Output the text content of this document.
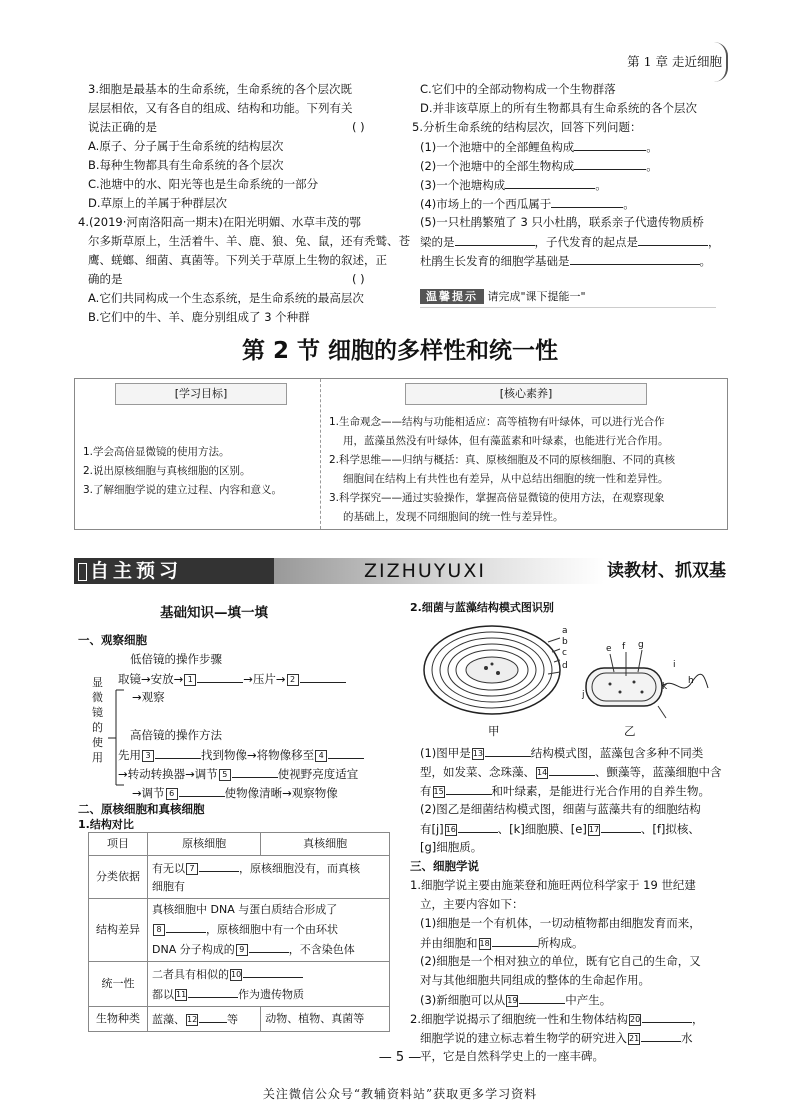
第 1 章 走近细胞
3.细胞是最基本的生命系统，生命系统的各个层次既
层层相依，又有各自的组成、结构和功能。下列有关
说法正确的是	( )
A.原子、分子属于生命系统的结构层次
B.每种生物都具有生命系统的各个层次
C.池塘中的水、阳光等也是生命系统的一部分
D.草原上的羊属于种群层次
4.(2019·河南洛阳高一期末)在阳光明媚、水草丰茂的鄂
尔多斯草原上，生活着牛、羊、鹿、狼、兔、鼠，还有秃鹫、苍
鹰、蜣螂、细菌、真菌等。下列关于草原上生物的叙述，正
确的是	( )
A.它们共同构成一个生态系统，是生命系统的最高层次
B.它们中的牛、羊、鹿分别组成了 3 个种群
C.它们中的全部动物构成一个生物群落
D.并非该草原上的所有生物都具有生命系统的各个层次
5.分析生命系统的结构层次，回答下列问题：
(1)一个池塘中的全部鲤鱼构成	。
(2)一个池塘中的全部生物构成	。
(3)一个池塘构成	。
(4)市场上的一个西瓜属于	。
(5)一只杜鹃繁殖了 3 只小杜鹃，联系亲子代遗传物质桥
梁的是	，子代发育的起点是	，
杜鹃生长发育的细胞学基础是	。
温馨提示 请完成"课下提能一"
第 2 节 细胞的多样性和统一性
[学习目标]	[核心素养]
1.学会高倍显微镜的使用方法。
2.说出原核细胞与真核细胞的区别。
3.了解细胞学说的建立过程、内容和意义。
1.生命观念——结构与功能相适应：高等植物有叶绿体，可以进行光合作
用，蓝藻虽然没有叶绿体，但有藻蓝素和叶绿素，也能进行光合作用。
2.科学思维——归纳与概括：真、原核细胞及不同的原核细胞、不同的真核
细胞间在结构上有共性也有差异，从中总结出细胞的统一性和差异性。
3.科学探究——通过实验操作，掌握高倍显微镜的使用方法，在观察现象
的基础上，发现不同细胞间的统一性与差异性。
自主预习	ZIZHUYUXI	读教材、抓双基
基础知识—填一填
一、观察细胞
显微镜的使用
低倍镜的操作步骤
取镜→安放→ 1	→压片→ 2
→观察
高倍镜的操作方法
先用 3	找到物像→将物像移至 4
→转动转换器→调节 5	使视野亮度适宜
→调节 6	使物像清晰→观察物像
二、原核细胞和真核细胞
1.结构对比
项目	原核细胞	真核细胞
分类依据	有无以 7 ，原核细胞没有，而真核
细胞有	
结构差异	真核细胞中 DNA 与蛋白质结合形成了
8 ，原核细胞中有一个由环状
DNA 分子构成的 9 ，不含染色体	
统一性	二者具有相似的 10
都以 11 作为遗传物质	
生物种类	蓝藻、 12 等	动物、植物、真菌等
2.细菌与蓝藻结构模式图识别
a
b
c
d
e f g
h
i
j
k
甲	乙
(1)图甲是 13	结构模式图，蓝藻包含多种不同类
型，如发菜、念珠藻、 14	、颤藻等，蓝藻细胞中含
有 15	和叶绿素，是能进行光合作用的自养生物。
(2)图乙是细菌结构模式图，细菌与蓝藻共有的细胞结构
有[j] 16	、[k]细胞膜、[e] 17	、[f]拟核、
[g]细胞质。
三、细胞学说
1.细胞学说主要由施莱登和施旺两位科学家于 19 世纪建
立，主要内容如下：
(1)细胞是一个有机体，一切动植物都由细胞发育而来，
并由细胞和 18	所构成。
(2)细胞是一个相对独立的单位，既有它自己的生命，又
对与其他细胞共同组成的整体的生命起作用。
(3)新细胞可以从 19	中产生。
2.细胞学说揭示了细胞统一性和生物体结构 20	，
细胞学说的建立标志着生物学的研究进入 21	水
平，它是自然科学史上的一座丰碑。
— 5 —
关注微信公众号“教辅资料站”获取更多学习资料
